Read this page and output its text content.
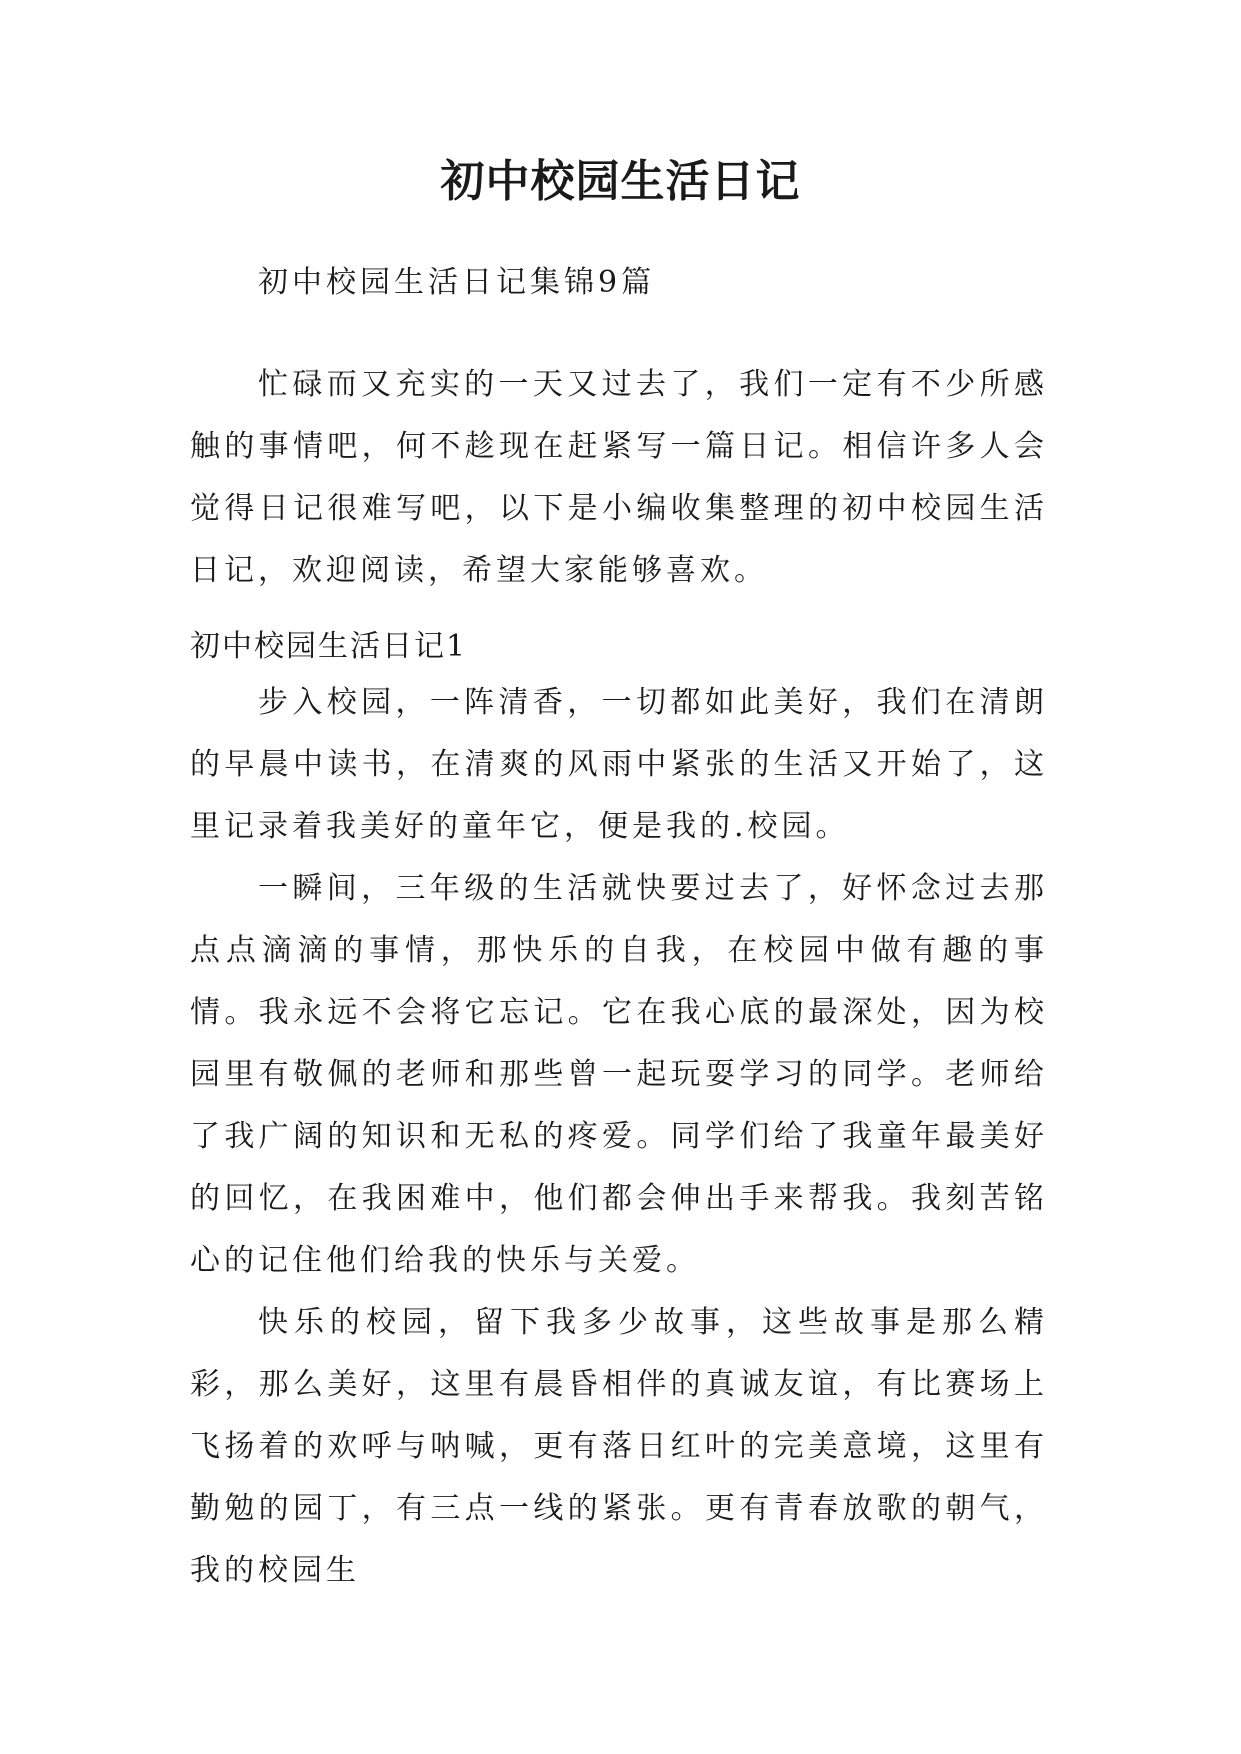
初中校园生活日记

初中校园生活日记集锦9篇

忙碌而又充实的一天又过去了，我们一定有不少所感触的事情吧，何不趁现在赶紧写一篇日记。相信许多人会觉得日记很难写吧，以下是小编收集整理的初中校园生活日记，欢迎阅读，希望大家能够喜欢。

初中校园生活日记1

步入校园，一阵清香，一切都如此美好，我们在清朗的早晨中读书，在清爽的风雨中紧张的生活又开始了，这里记录着我美好的童年它，便是我的.校园。

一瞬间，三年级的生活就快要过去了，好怀念过去那点点滴滴的事情，那快乐的自我，在校园中做有趣的事情。我永远不会将它忘记。它在我心底的最深处，因为校园里有敬佩的老师和那些曾一起玩耍学习的同学。老师给了我广阔的知识和无私的疼爱。同学们给了我童年最美好的回忆，在我困难中，他们都会伸出手来帮我。我刻苦铭心的记住他们给我的快乐与关爱。

快乐的校园，留下我多少故事，这些故事是那么精彩，那么美好，这里有晨昏相伴的真诚友谊，有比赛场上飞扬着的欢呼与呐喊，更有落日红叶的完美意境，这里有勤勉的园丁，有三点一线的紧张。更有青春放歌的朝气，我的校园生
